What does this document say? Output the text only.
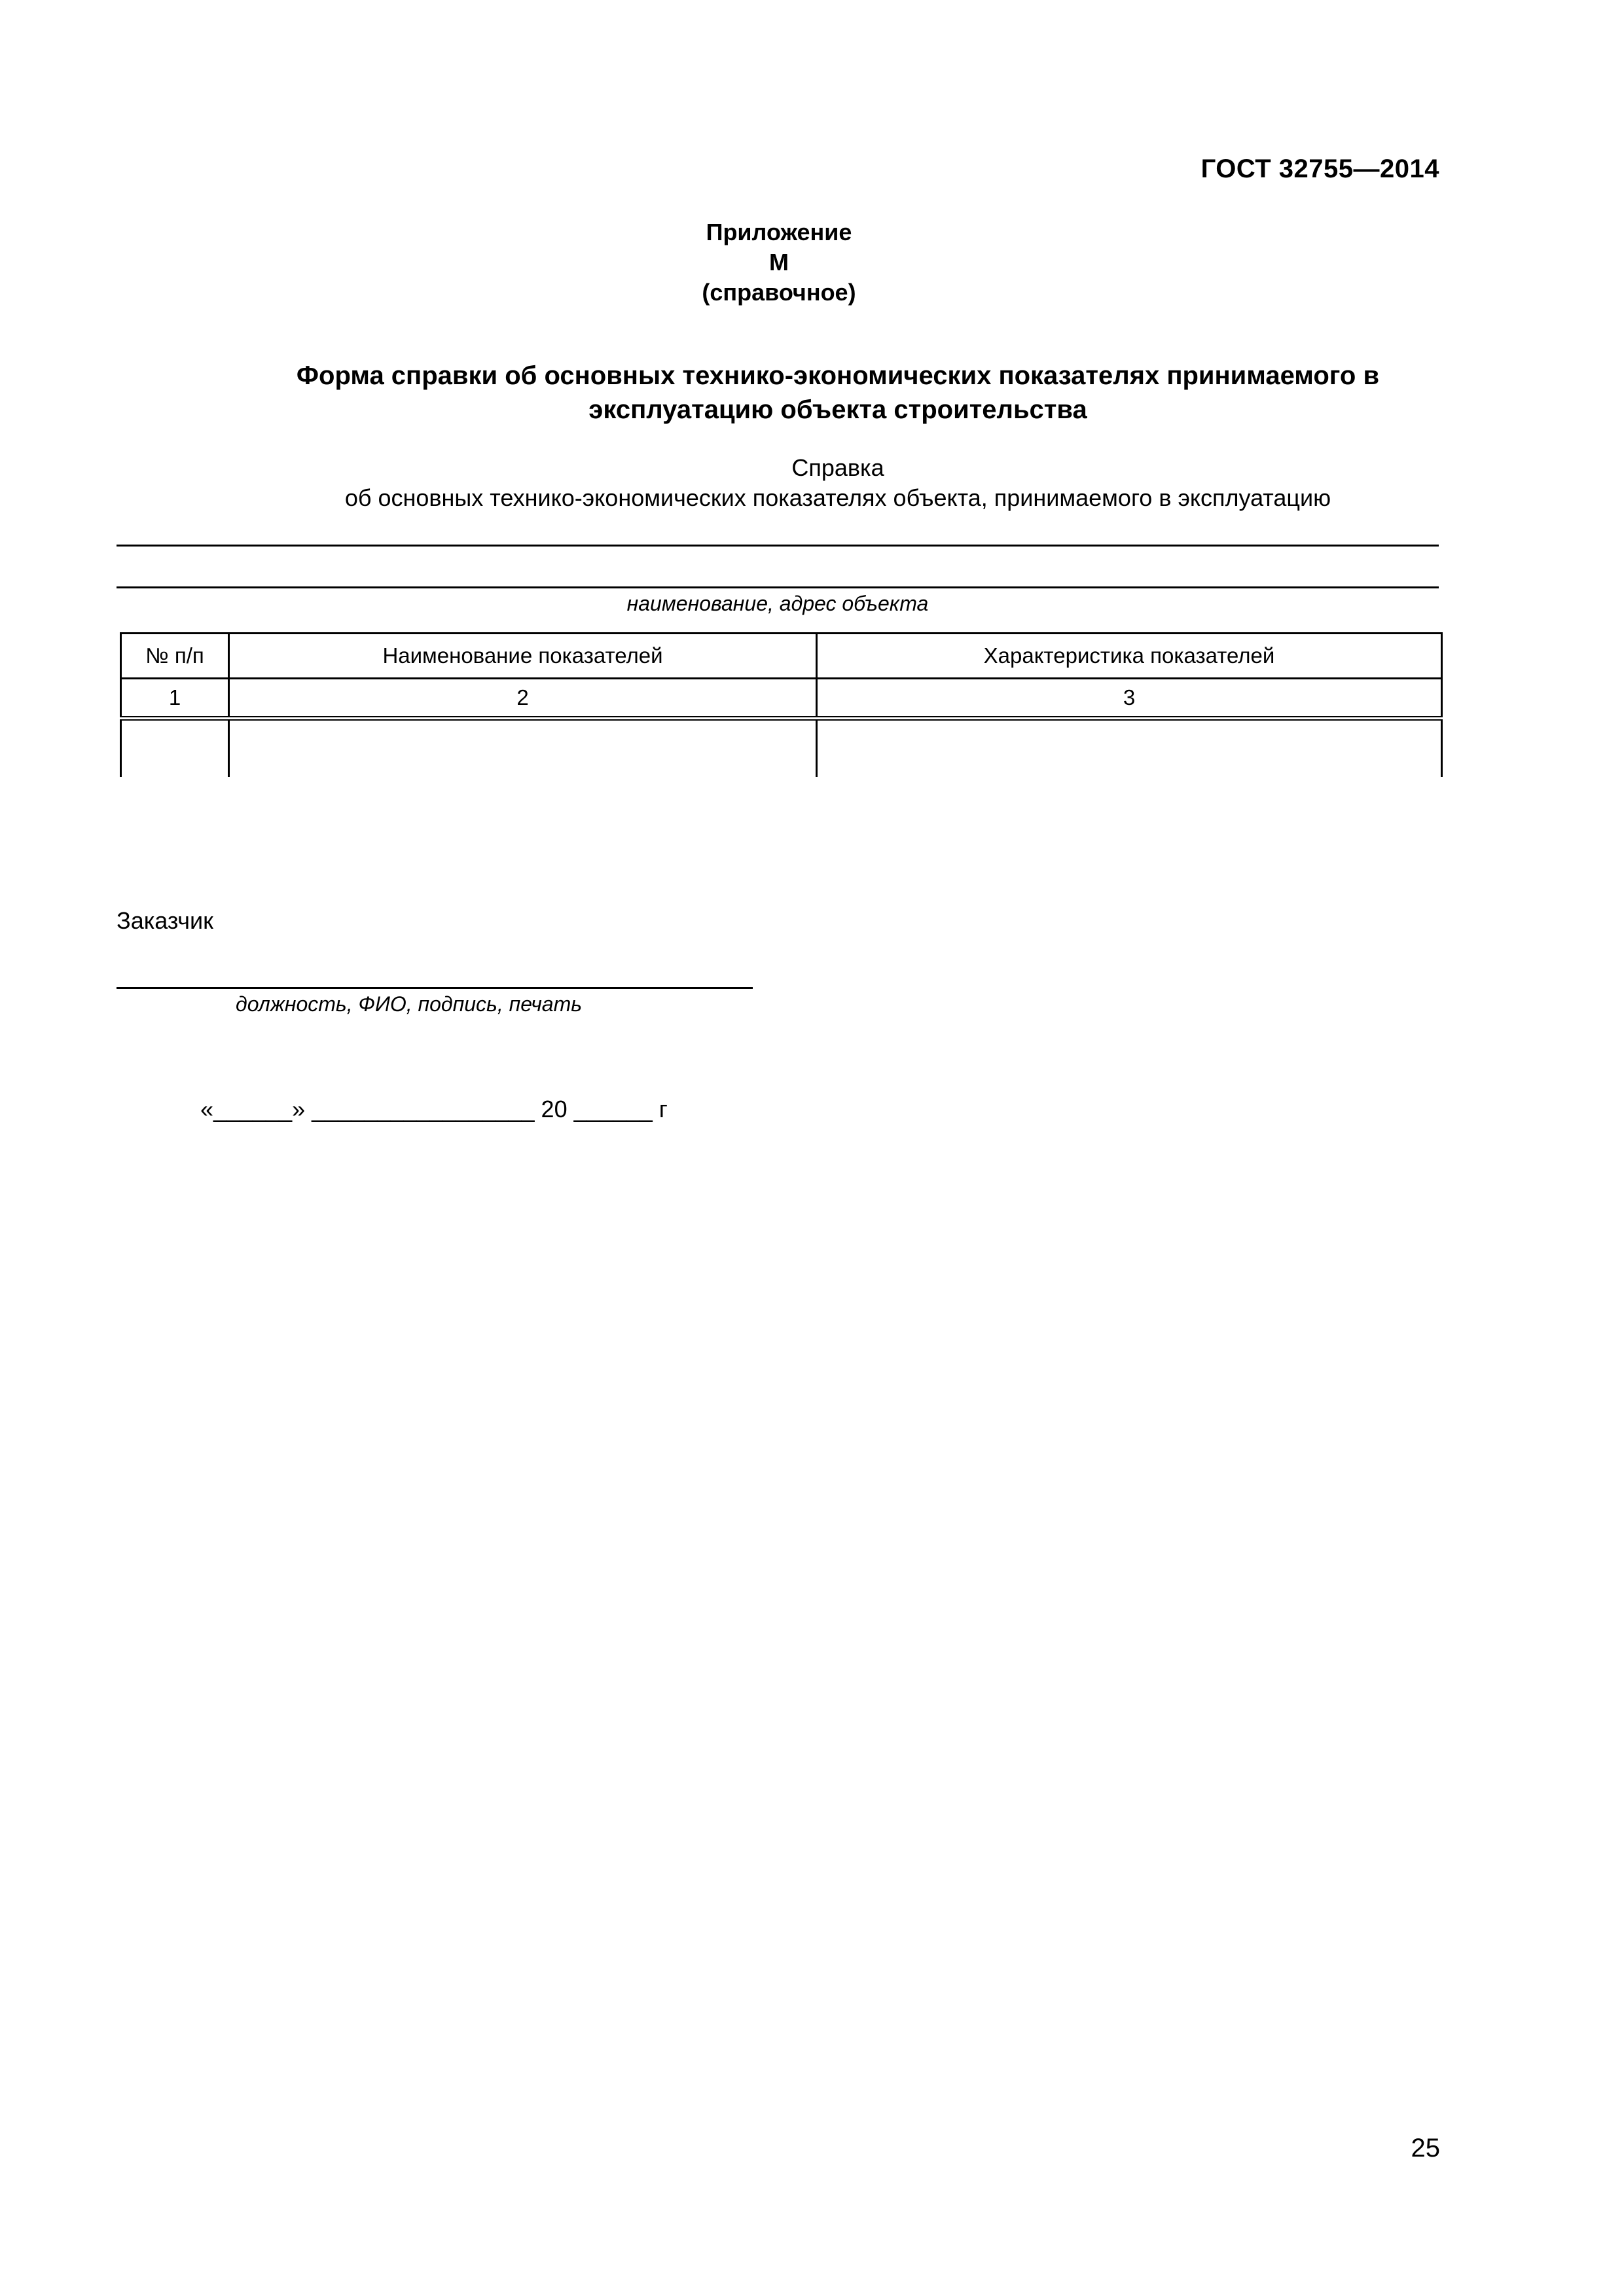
ГОСТ 32755—2014
Приложение М
(справочное)
Форма справки об основных технико-экономических показателях принимаемого в
эксплуатацию объекта строительства
Справка
об основных технико-экономических показателях объекта, принимаемого в эксплуатацию
наименование, адрес объекта
№ п/п	Наименование показателей	Характеристика показателей
1	2	3

Заказчик
должность, ФИО, подпись, печать
«______» _________________ 20 ______ г
25
